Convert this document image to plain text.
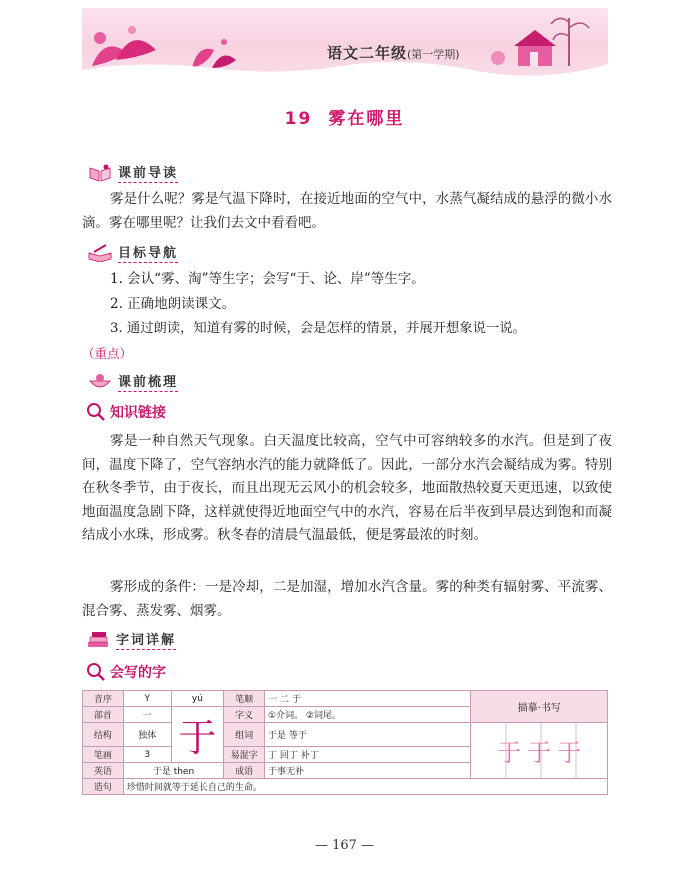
语文二年级(第一学期)
19 雾在哪里
课前导读

雾是什么呢？雾是气温下降时，在接近地面的空气中，水蒸气凝结成的悬浮的微小水滴。雾在哪里呢？让我们去文中看看吧。

目标导航
1. 会认“雾、淘”等生字；会写“于、论、岸”等生字。
2. 正确地朗读课文。
3. 通过朗读，知道有雾的时候，会是怎样的情景，并展开想象说一说。
（重点）
课前梳理
知识链接

雾是一种自然天气现象。白天温度比较高，空气中可容纳较多的水汽。但是到了夜间，温度下降了，空气容纳水汽的能力就降低了。因此，一部分水汽会凝结成为雾。特别在秋冬季节，由于夜长，而且出现无云风小的机会较多，地面散热较夏天更迅速，以致使地面温度急剧下降，这样就使得近地面空气中的水汽，容易在后半夜到早晨达到饱和而凝结成小水珠，形成雾。秋冬春的清晨气温最低，便是雾最浓的时刻。

雾形成的条件：一是冷却，二是加湿，增加水汽含量。雾的种类有辐射雾、平流雾、混合雾、蒸发雾、烟雾。

字词详解
会写的字
音序	Y	yú	笔顺	一 二 于	描摹·书写
部首	一	于	字义	①介词。 ②词尾。	
结构	独体		组词	于是 等于	于 于 于
笔画	3		易混字	丁 回丁 补丁	
英语	于是 then		成语	于事无补	
造句	珍惜时间就等于延长自己的生命。				
— 167 —
